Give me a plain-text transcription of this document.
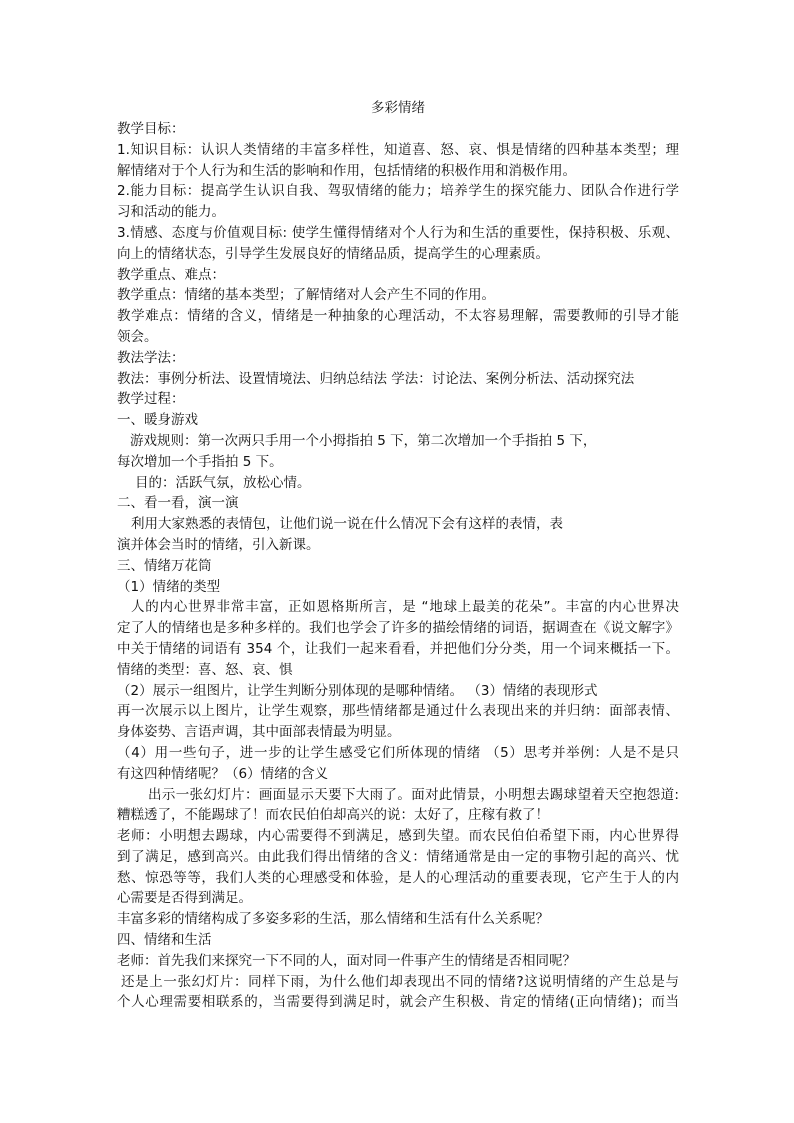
多彩情绪

教学目标：

1.知识目标：认识人类情绪的丰富多样性，知道喜、怒、哀、惧是情绪的四种基本类型；理

解情绪对于个人行为和生活的影响和作用，包括情绪的积极作用和消极作用。

2.能力目标：提高学生认识自我、驾驭情绪的能力；培养学生的探究能力、团队合作进行学

习和活动的能力。

3.情感、态度与价值观目标: 使学生懂得情绪对个人行为和生活的重要性，保持积极、乐观、

向上的情绪状态，引导学生发展良好的情绪品质，提高学生的心理素质。

教学重点、难点：

教学重点：情绪的基本类型；了解情绪对人会产生不同的作用。

教学难点：情绪的含义，情绪是一种抽象的心理活动，不太容易理解，需要教师的引导才能

领会。

教法学法：

教法：事例分析法、设置情境法、归纳总结法 学法：讨论法、案例分析法、活动探究法

教学过程：

一、暖身游戏

游戏规则：第一次两只手用一个小拇指拍 5 下，第二次增加一个手指拍 5 下，

每次增加一个手指拍 5 下。

目的：活跃气氛，放松心情。

二、看一看，演一演

利用大家熟悉的表情包，让他们说一说在什么情况下会有这样的表情，表

演并体会当时的情绪，引入新课。

三、情绪万花筒

（1）情绪的类型

人的内心世界非常丰富，正如恩格斯所言，是 “地球上最美的花朵”。丰富的内心世界决

定了人的情绪也是多种多样的。我们也学会了许多的描绘情绪的词语，据调查在《说文解字》

中关于情绪的词语有 354 个，让我们一起来看看，并把他们分分类，用一个词来概括一下。

情绪的类型：喜、怒、哀、惧

（2）展示一组图片，让学生判断分别体现的是哪种情绪。 （3）情绪的表现形式

再一次展示以上图片，让学生观察，那些情绪都是通过什么表现出来的并归纳：面部表情、

身体姿势、言语声调，其中面部表情最为明显。

（4）用一些句子，进一步的让学生感受它们所体现的情绪 （5）思考并举例：人是不是只

有这四种情绪呢？（6）情绪的含义

出示一张幻灯片：画面显示天要下大雨了。面对此情景，小明想去踢球望着天空抱怨道:

糟糕透了，不能踢球了！而农民伯伯却高兴的说：太好了，庄稼有救了！

老师：小明想去踢球，内心需要得不到满足，感到失望。而农民伯伯希望下雨，内心世界得

到了满足，感到高兴。由此我们得出情绪的含义：情绪通常是由一定的事物引起的高兴、忧

愁、惊恐等等，我们人类的心理感受和体验，是人的心理活动的重要表现，它产生于人的内

心需要是否得到满足。

丰富多彩的情绪构成了多姿多彩的生活，那么情绪和生活有什么关系呢？

四、情绪和生活

老师：首先我们来探究一下不同的人，面对同一件事产生的情绪是否相同呢？

还是上一张幻灯片：同样下雨，为什么他们却表现出不同的情绪?这说明情绪的产生总是与

个人心理需要相联系的，当需要得到满足时，就会产生积极、肯定的情绪(正向情绪)；而当
